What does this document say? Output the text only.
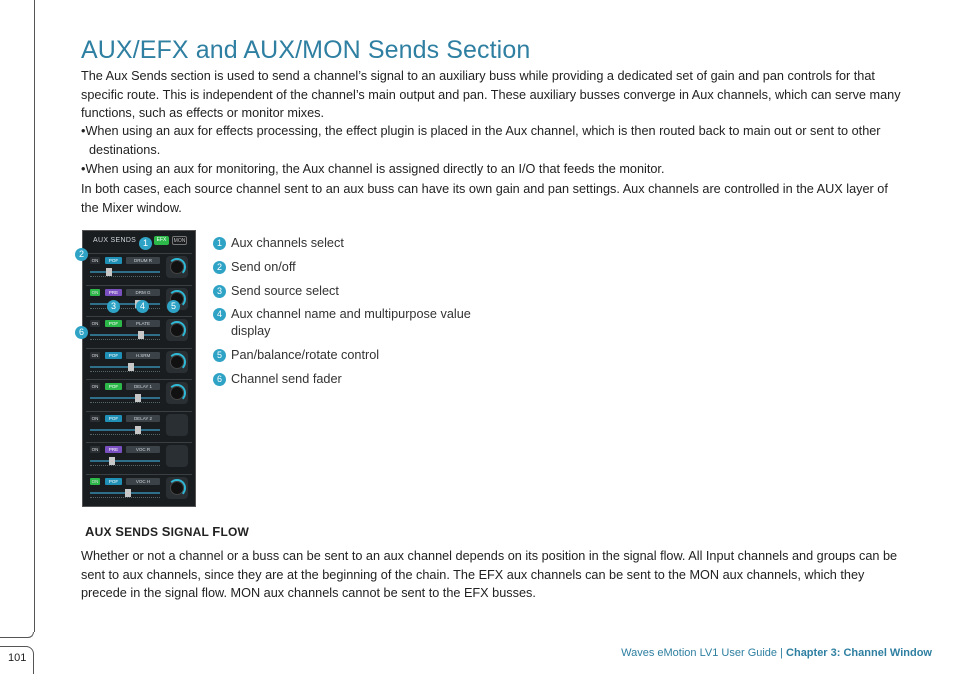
101
AUX/EFX and AUX/MON Sends Section

The Aux Sends section is used to send a channel’s signal to an auxiliary buss while providing a dedicated set of gain and pan controls for that specific route. This is independent of the channel’s main output and pan. These auxiliary busses converge in Aux channels, which can serve many functions, such as effects or monitor mixes.

•When using an aux for effects processing, the effect plugin is placed in the Aux channel, which is then routed back to main out or sent to other destinations.

•When using an aux for monitoring, the Aux channel is assigned directly to an I/O that feeds the monitor.

In both cases, each source channel sent to an aux buss can have its own gain and pan settings. Aux channels are controlled in the AUX layer of the Mixer window.

AUX SENDS	EFX	MON
ON	POF	DRUM R
ON	PRE	DRM G
ON	POF	PLATE
ON	POF	H.SRM
ON	POF	DELAY 1
ON	POF	DELAY 2
ON	PRE	VOC R
ON	POF	VOC H
1
2
3	4	5
6
1 Aux channels select
2 Send on/off
3 Send source select
4 Aux channel name and multipurpose value display
5 Pan/balance/rotate control
6 Channel send fader
AUX SENDS SIGNAL FLOW

Whether or not a channel or a buss can be sent to an aux channel depends on its position in the signal flow. All Input channels and groups can be sent to aux channels, since they are at the beginning of the chain. The EFX aux channels can be sent to the MON aux channels, which they precede in the signal flow. MON aux channels cannot be sent to the EFX busses.

Waves eMotion LV1 User Guide | Chapter 3: Channel Window
